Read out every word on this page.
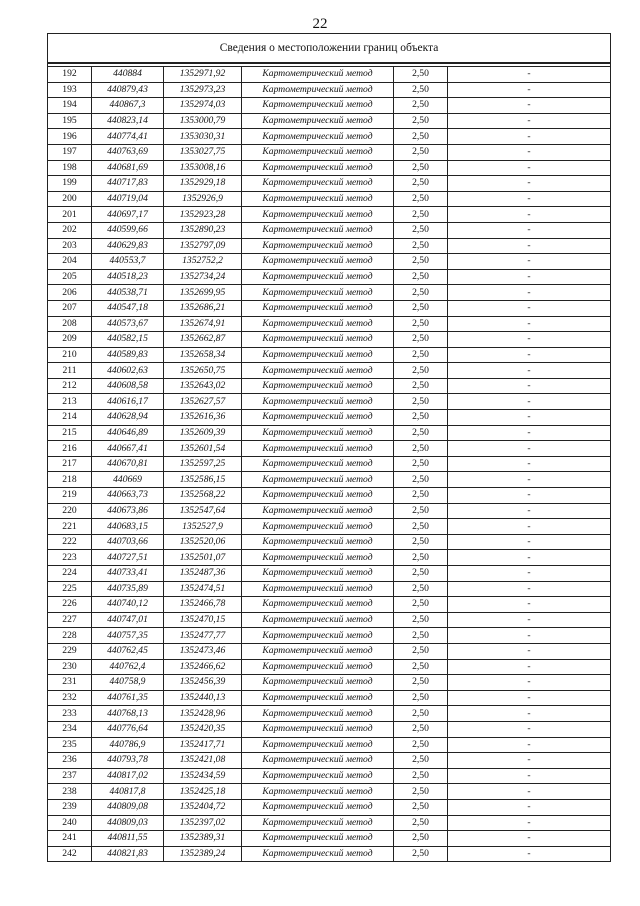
22
Сведения о местоположении границ объекта					

192	440884	1352971,92	Картометрический метод	2,50	-
193	440879,43	1352973,23	Картометрический метод	2,50	-
194	440867,3	1352974,03	Картометрический метод	2,50	-
195	440823,14	1353000,79	Картометрический метод	2,50	-
196	440774,41	1353030,31	Картометрический метод	2,50	-
197	440763,69	1353027,75	Картометрический метод	2,50	-
198	440681,69	1353008,16	Картометрический метод	2,50	-
199	440717,83	1352929,18	Картометрический метод	2,50	-
200	440719,04	1352926,9	Картометрический метод	2,50	-
201	440697,17	1352923,28	Картометрический метод	2,50	-
202	440599,66	1352890,23	Картометрический метод	2,50	-
203	440629,83	1352797,09	Картометрический метод	2,50	-
204	440553,7	1352752,2	Картометрический метод	2,50	-
205	440518,23	1352734,24	Картометрический метод	2,50	-
206	440538,71	1352699,95	Картометрический метод	2,50	-
207	440547,18	1352686,21	Картометрический метод	2,50	-
208	440573,67	1352674,91	Картометрический метод	2,50	-
209	440582,15	1352662,87	Картометрический метод	2,50	-
210	440589,83	1352658,34	Картометрический метод	2,50	-
211	440602,63	1352650,75	Картометрический метод	2,50	-
212	440608,58	1352643,02	Картометрический метод	2,50	-
213	440616,17	1352627,57	Картометрический метод	2,50	-
214	440628,94	1352616,36	Картометрический метод	2,50	-
215	440646,89	1352609,39	Картометрический метод	2,50	-
216	440667,41	1352601,54	Картометрический метод	2,50	-
217	440670,81	1352597,25	Картометрический метод	2,50	-
218	440669	1352586,15	Картометрический метод	2,50	-
219	440663,73	1352568,22	Картометрический метод	2,50	-
220	440673,86	1352547,64	Картометрический метод	2,50	-
221	440683,15	1352527,9	Картометрический метод	2,50	-
222	440703,66	1352520,06	Картометрический метод	2,50	-
223	440727,51	1352501,07	Картометрический метод	2,50	-
224	440733,41	1352487,36	Картометрический метод	2,50	-
225	440735,89	1352474,51	Картометрический метод	2,50	-
226	440740,12	1352466,78	Картометрический метод	2,50	-
227	440747,01	1352470,15	Картометрический метод	2,50	-
228	440757,35	1352477,77	Картометрический метод	2,50	-
229	440762,45	1352473,46	Картометрический метод	2,50	-
230	440762,4	1352466,62	Картометрический метод	2,50	-
231	440758,9	1352456,39	Картометрический метод	2,50	-
232	440761,35	1352440,13	Картометрический метод	2,50	-
233	440768,13	1352428,96	Картометрический метод	2,50	-
234	440776,64	1352420,35	Картометрический метод	2,50	-
235	440786,9	1352417,71	Картометрический метод	2,50	-
236	440793,78	1352421,08	Картометрический метод	2,50	-
237	440817,02	1352434,59	Картометрический метод	2,50	-
238	440817,8	1352425,18	Картометрический метод	2,50	-
239	440809,08	1352404,72	Картометрический метод	2,50	-
240	440809,03	1352397,02	Картометрический метод	2,50	-
241	440811,55	1352389,31	Картометрический метод	2,50	-
242	440821,83	1352389,24	Картометрический метод	2,50	-
